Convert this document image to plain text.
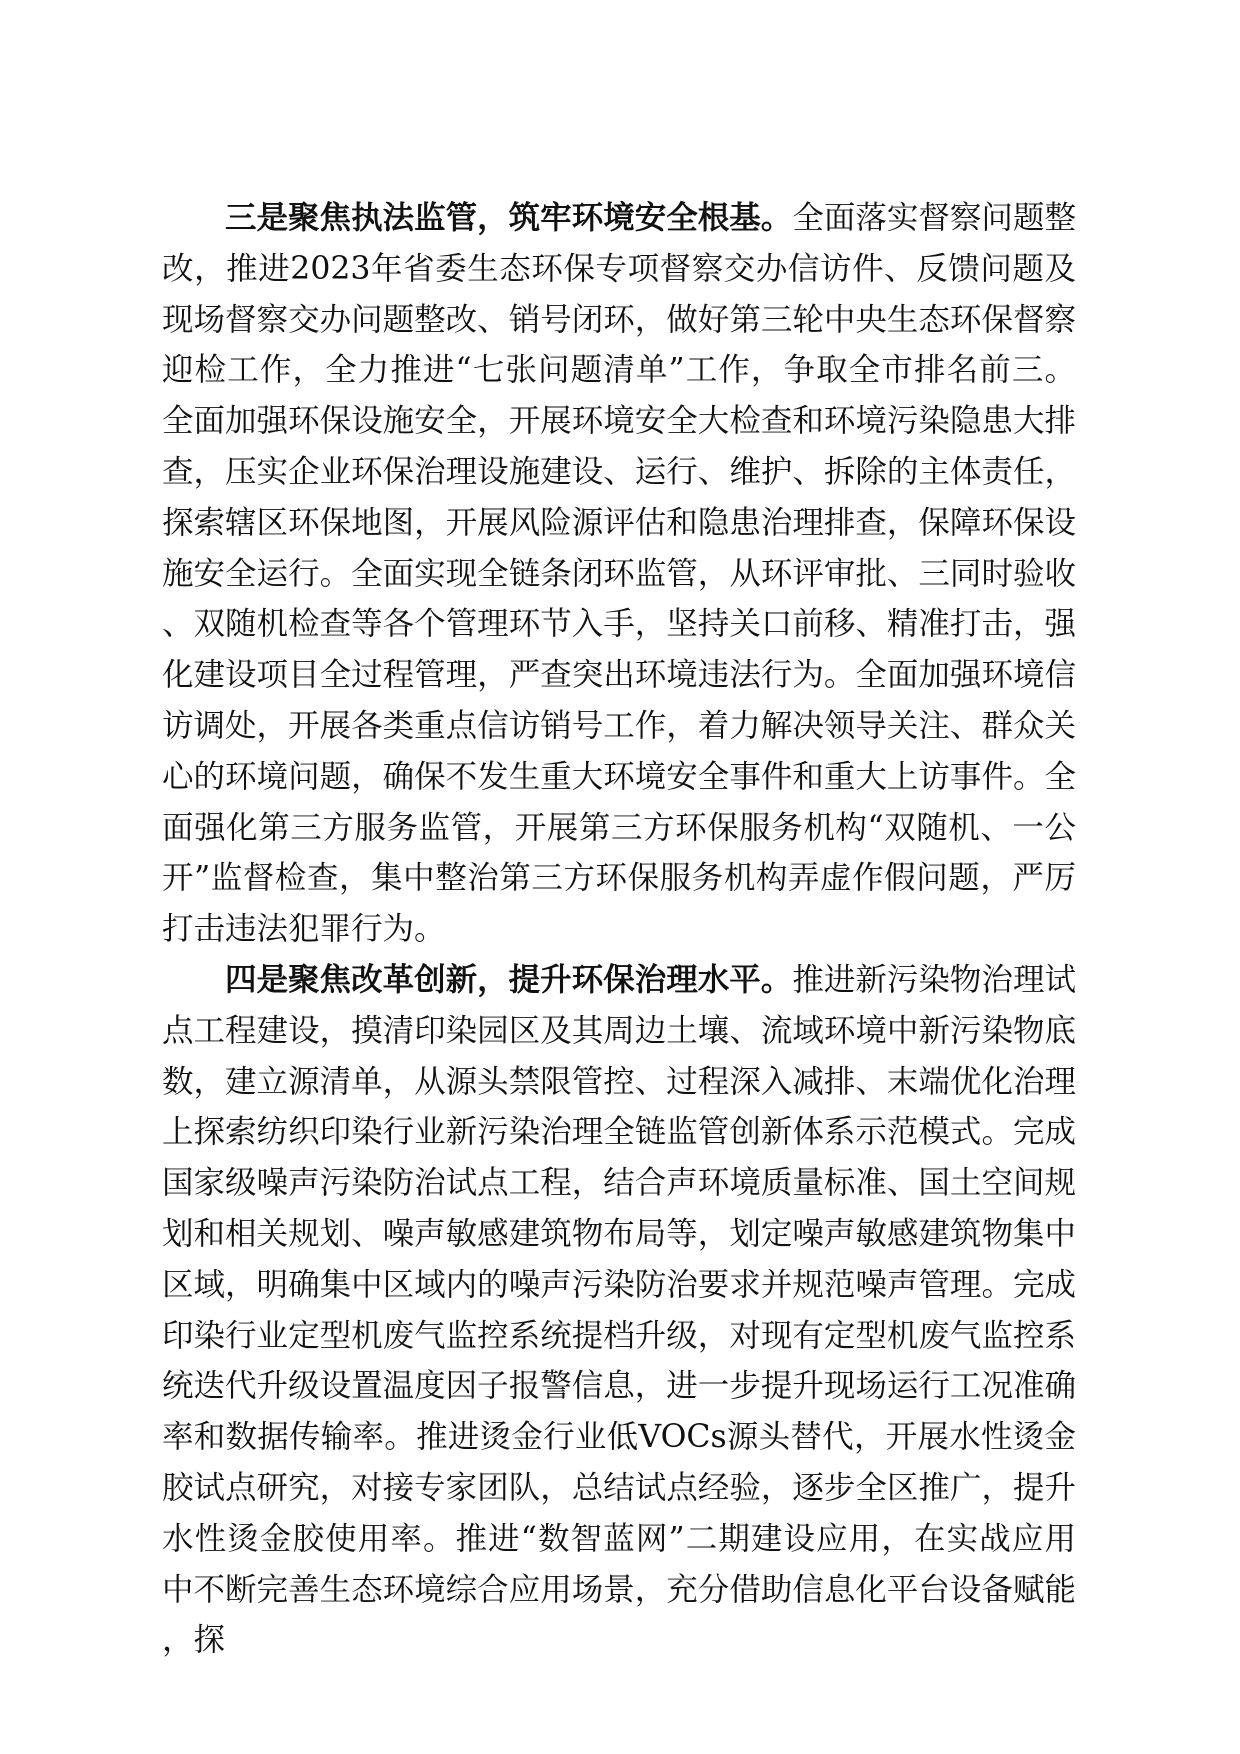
三是聚焦执法监管，筑牢环境安全根基。全面落实督察问题整改，推进2023年省委生态环保专项督察交办信访件、反馈问题及现场督察交办问题整改、销号闭环，做好第三轮中央生态环保督察迎检工作，全力推进“七张问题清单”工作，争取全市排名前三。全面加强环保设施安全，开展环境安全大检查和环境污染隐患大排查，压实企业环保治理设施建设、运行、维护、拆除的主体责任，探索辖区环保地图，开展风险源评估和隐患治理排查，保障环保设施安全运行。全面实现全链条闭环监管，从环评审批、三同时验收、双随机检查等各个管理环节入手，坚持关口前移、精准打击，强化建设项目全过程管理，严查突出环境违法行为。全面加强环境信访调处，开展各类重点信访销号工作，着力解决领导关注、群众关心的环境问题，确保不发生重大环境安全事件和重大上访事件。全面强化第三方服务监管，开展第三方环保服务机构“双随机、一公开”监督检查，集中整治第三方环保服务机构弄虚作假问题，严厉打击违法犯罪行为。

四是聚焦改革创新，提升环保治理水平。推进新污染物治理试点工程建设，摸清印染园区及其周边土壤、流域环境中新污染物底数，建立源清单，从源头禁限管控、过程深入减排、末端优化治理上探索纺织印染行业新污染治理全链监管创新体系示范模式。完成国家级噪声污染防治试点工程，结合声环境质量标准、国土空间规划和相关规划、噪声敏感建筑物布局等，划定噪声敏感建筑物集中区域，明确集中区域内的噪声污染防治要求并规范噪声管理。完成印染行业定型机废气监控系统提档升级，对现有定型机废气监控系统迭代升级设置温度因子报警信息，进一步提升现场运行工况准确率和数据传输率。推进烫金行业低VOCs源头替代，开展水性烫金胶试点研究，对接专家团队，总结试点经验，逐步全区推广，提升水性烫金胶使用率。推进“数智蓝网”二期建设应用，在实战应用中不断完善生态环境综合应用场景，充分借助信息化平台设备赋能，探
